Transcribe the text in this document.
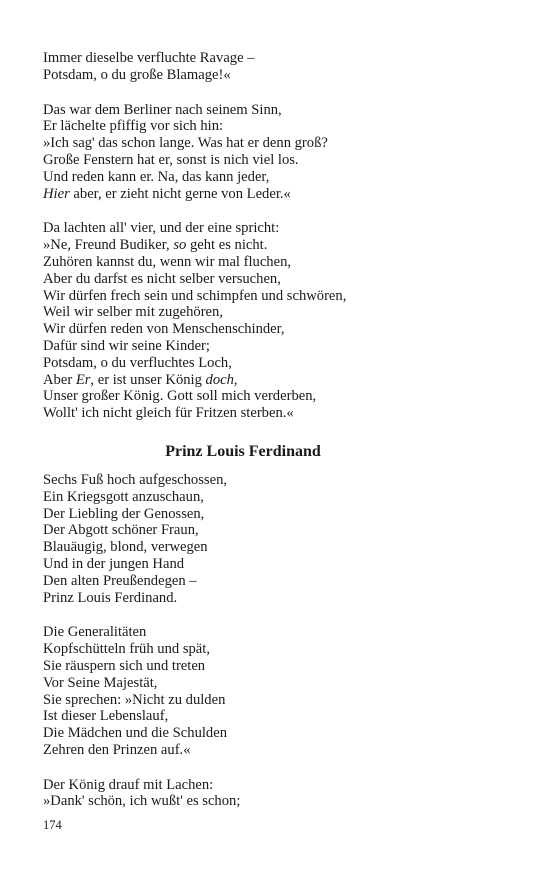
Immer dieselbe verfluchte Ravage –
Potsdam, o du große Blamage!«
Das war dem Berliner nach seinem Sinn,
Er lächelte pfiffig vor sich hin:
»Ich sag' das schon lange. Was hat er denn groß?
Große Fenstern hat er, sonst is nich viel los.
Und reden kann er. Na, das kann jeder,
Hier aber, er zieht nicht gerne von Leder.«
Da lachten all' vier, und der eine spricht:
»Ne, Freund Budiker, so geht es nicht.
Zuhören kannst du, wenn wir mal fluchen,
Aber du darfst es nicht selber versuchen,
Wir dürfen frech sein und schimpfen und schwören,
Weil wir selber mit zugehören,
Wir dürfen reden von Menschenschinder,
Dafür sind wir seine Kinder;
Potsdam, o du verfluchtes Loch,
Aber Er, er ist unser König doch,
Unser großer König. Gott soll mich verderben,
Wollt' ich nicht gleich für Fritzen sterben.«
Prinz Louis Ferdinand
Sechs Fuß hoch aufgeschossen,
Ein Kriegsgott anzuschaun,
Der Liebling der Genossen,
Der Abgott schöner Fraun,
Blauäugig, blond, verwegen
Und in der jungen Hand
Den alten Preußendegen –
Prinz Louis Ferdinand.
Die Generalitäten
Kopfschütteln früh und spät,
Sie räuspern sich und treten
Vor Seine Majestät,
Sie sprechen: »Nicht zu dulden
Ist dieser Lebenslauf,
Die Mädchen und die Schulden
Zehren den Prinzen auf.«
Der König drauf mit Lachen:
»Dank' schön, ich wußt' es schon;
174
